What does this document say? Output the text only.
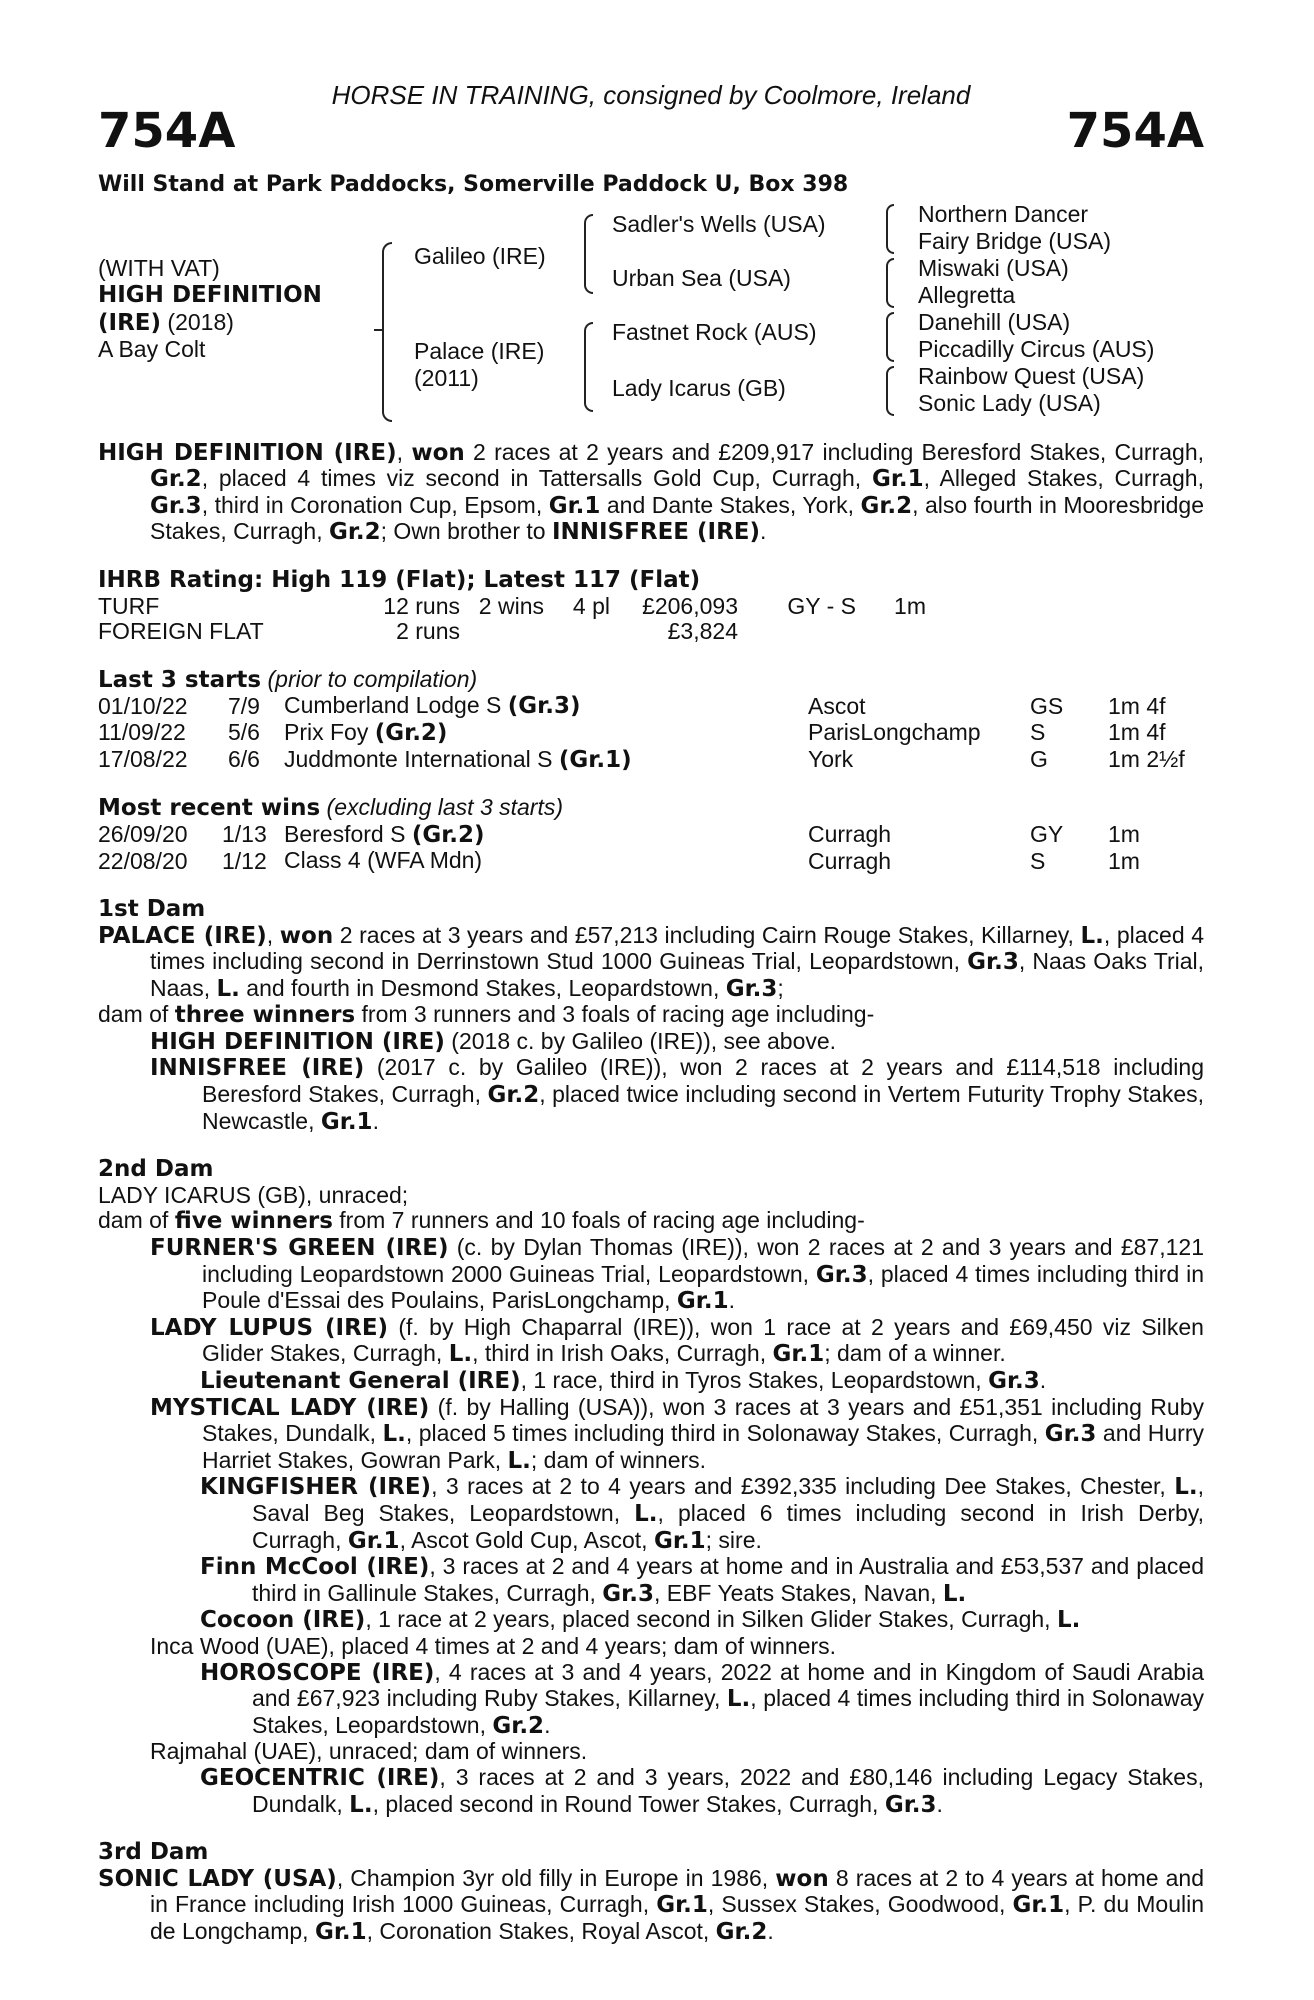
HORSE IN TRAINING, consigned by Coolmore, Ireland
754A	754A
Will Stand at Park Paddocks, Somerville Paddock U, Box 398
(WITH VAT)
HIGH DEFINITION
(IRE) (2018)
A Bay Colt
Galileo (IRE)
Palace (IRE)
(2011)
Sadler's Wells (USA)
Urban Sea (USA)
Fastnet Rock (AUS)
Lady Icarus (GB)
Northern Dancer
Fairy Bridge (USA)
Miswaki (USA)
Allegretta
Danehill (USA)
Piccadilly Circus (AUS)
Rainbow Quest (USA)
Sonic Lady (USA)
HIGH DEFINITION (IRE), won 2 races at 2 years and £209,917 including Beresford Stakes, Curragh, Gr.2, placed 4 times viz second in Tattersalls Gold Cup, Curragh, Gr.1, Alleged Stakes, Curragh, Gr.3, third in Coronation Cup, Epsom, Gr.1 and Dante Stakes, York, Gr.2, also fourth in Mooresbridge Stakes, Curragh, Gr.2; Own brother to INNISFREE (IRE).
IHRB Rating: High 119 (Flat); Latest 117 (Flat)
TURF	12 runs	2 wins	4 pl	£206,093	GY - S	1m
FOREIGN FLAT	2 runs			£3,824		
Last 3 starts (prior to compilation)
01/10/22	7/9	Cumberland Lodge S (Gr.3)	Ascot	GS	1m 4f
11/09/22	5/6	Prix Foy (Gr.2)	ParisLongchamp	S	1m 4f
17/08/22	6/6	Juddmonte International S (Gr.1)	York	G	1m 2½f
Most recent wins (excluding last 3 starts)
26/09/20	1/13	Beresford S (Gr.2)	Curragh	GY	1m
22/08/20	1/12	Class 4 (WFA Mdn)	Curragh	S	1m
1st Dam
PALACE (IRE), won 2 races at 3 years and £57,213 including Cairn Rouge Stakes, Killarney, L., placed 4 times including second in Derrinstown Stud 1000 Guineas Trial, Leopardstown, Gr.3, Naas Oaks Trial, Naas, L. and fourth in Desmond Stakes, Leopardstown, Gr.3;
dam of three winners from 3 runners and 3 foals of racing age including-
HIGH DEFINITION (IRE) (2018 c. by Galileo (IRE)), see above.
INNISFREE (IRE) (2017 c. by Galileo (IRE)), won 2 races at 2 years and £114,518 including Beresford Stakes, Curragh, Gr.2, placed twice including second in Vertem Futurity Trophy Stakes, Newcastle, Gr.1.
2nd Dam
LADY ICARUS (GB), unraced;
dam of five winners from 7 runners and 10 foals of racing age including-
FURNER'S GREEN (IRE) (c. by Dylan Thomas (IRE)), won 2 races at 2 and 3 years and £87,121 including Leopardstown 2000 Guineas Trial, Leopardstown, Gr.3, placed 4 times including third in Poule d'Essai des Poulains, ParisLongchamp, Gr.1.
LADY LUPUS (IRE) (f. by High Chaparral (IRE)), won 1 race at 2 years and £69,450 viz Silken Glider Stakes, Curragh, L., third in Irish Oaks, Curragh, Gr.1; dam of a winner.
Lieutenant General (IRE), 1 race, third in Tyros Stakes, Leopardstown, Gr.3.
MYSTICAL LADY (IRE) (f. by Halling (USA)), won 3 races at 3 years and £51,351 including Ruby Stakes, Dundalk, L., placed 5 times including third in Solonaway Stakes, Curragh, Gr.3 and Hurry Harriet Stakes, Gowran Park, L.; dam of winners.
KINGFISHER (IRE), 3 races at 2 to 4 years and £392,335 including Dee Stakes, Chester, L., Saval Beg Stakes, Leopardstown, L., placed 6 times including second in Irish Derby, Curragh, Gr.1, Ascot Gold Cup, Ascot, Gr.1; sire.
Finn McCool (IRE), 3 races at 2 and 4 years at home and in Australia and £53,537 and placed third in Gallinule Stakes, Curragh, Gr.3, EBF Yeats Stakes, Navan, L.
Cocoon (IRE), 1 race at 2 years, placed second in Silken Glider Stakes, Curragh, L.
Inca Wood (UAE), placed 4 times at 2 and 4 years; dam of winners.
HOROSCOPE (IRE), 4 races at 3 and 4 years, 2022 at home and in Kingdom of Saudi Arabia and £67,923 including Ruby Stakes, Killarney, L., placed 4 times including third in Solonaway Stakes, Leopardstown, Gr.2.
Rajmahal (UAE), unraced; dam of winners.
GEOCENTRIC (IRE), 3 races at 2 and 3 years, 2022 and £80,146 including Legacy Stakes, Dundalk, L., placed second in Round Tower Stakes, Curragh, Gr.3.
3rd Dam
SONIC LADY (USA), Champion 3yr old filly in Europe in 1986, won 8 races at 2 to 4 years at home and in France including Irish 1000 Guineas, Curragh, Gr.1, Sussex Stakes, Goodwood, Gr.1, P. du Moulin de Longchamp, Gr.1, Coronation Stakes, Royal Ascot, Gr.2.
